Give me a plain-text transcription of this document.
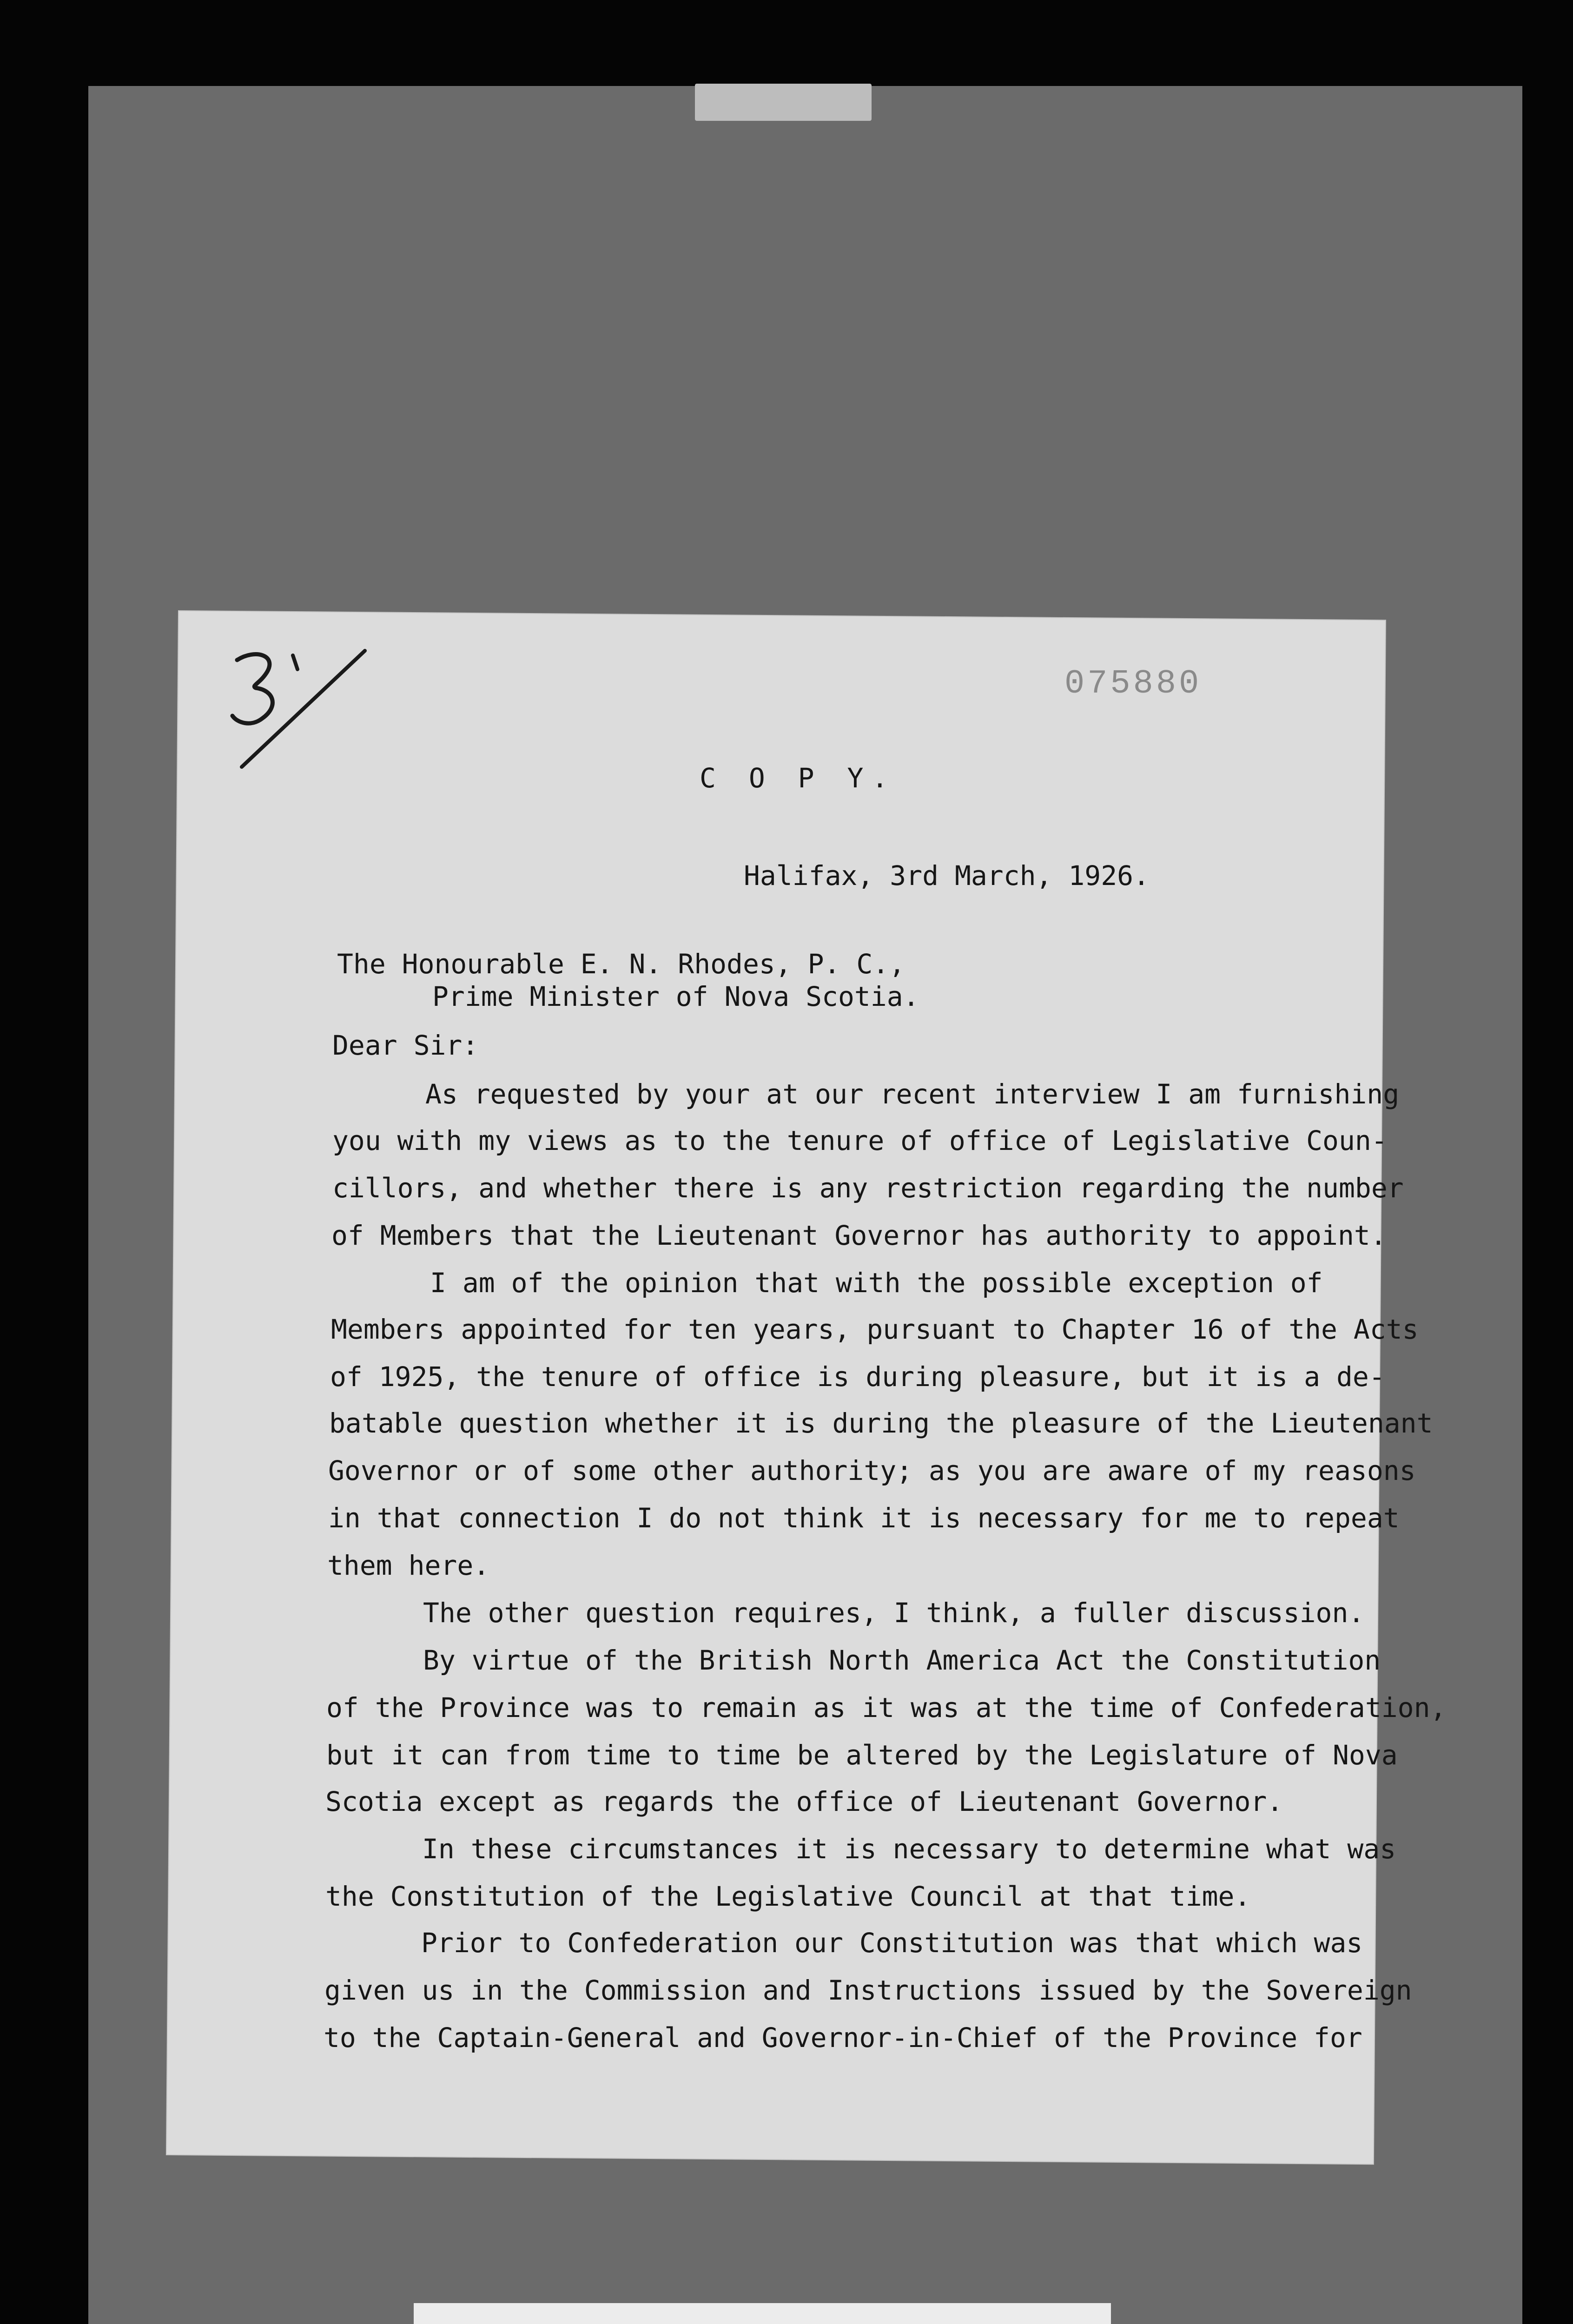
075880
C O P Y.
Halifax, 3rd March, 1926.
The Honourable E. N. Rhodes, P. C.,
Prime Minister of Nova Scotia.
Dear Sir:
As requested by your at our recent interview I am furnishing
you with my views as to the tenure of office of Legislative Coun-
cillors, and whether there is any restriction regarding the number
of Members that the Lieutenant Governor has authority to appoint.
I am of the opinion that with the possible exception of
Members appointed for ten years, pursuant to Chapter 16 of the Acts
of 1925, the tenure of office is during pleasure, but it is a de-
batable question whether it is during the pleasure of the Lieutenant
Governor or of some other authority; as you are aware of my reasons
in that connection I do not think it is necessary for me to repeat
them here.
The other question requires, I think, a fuller discussion.
By virtue of the British North America Act the Constitution
of the Province was to remain as it was at the time of Confederation,
but it can from time to time be altered by the Legislature of Nova
Scotia except as regards the office of Lieutenant Governor.
In these circumstances it is necessary to determine what was
the Constitution of the Legislative Council at that time.
Prior to Confederation our Constitution was that which was
given us in the Commission and Instructions issued by the Sovereign
to the Captain-General and Governor-in-Chief of the Province for
